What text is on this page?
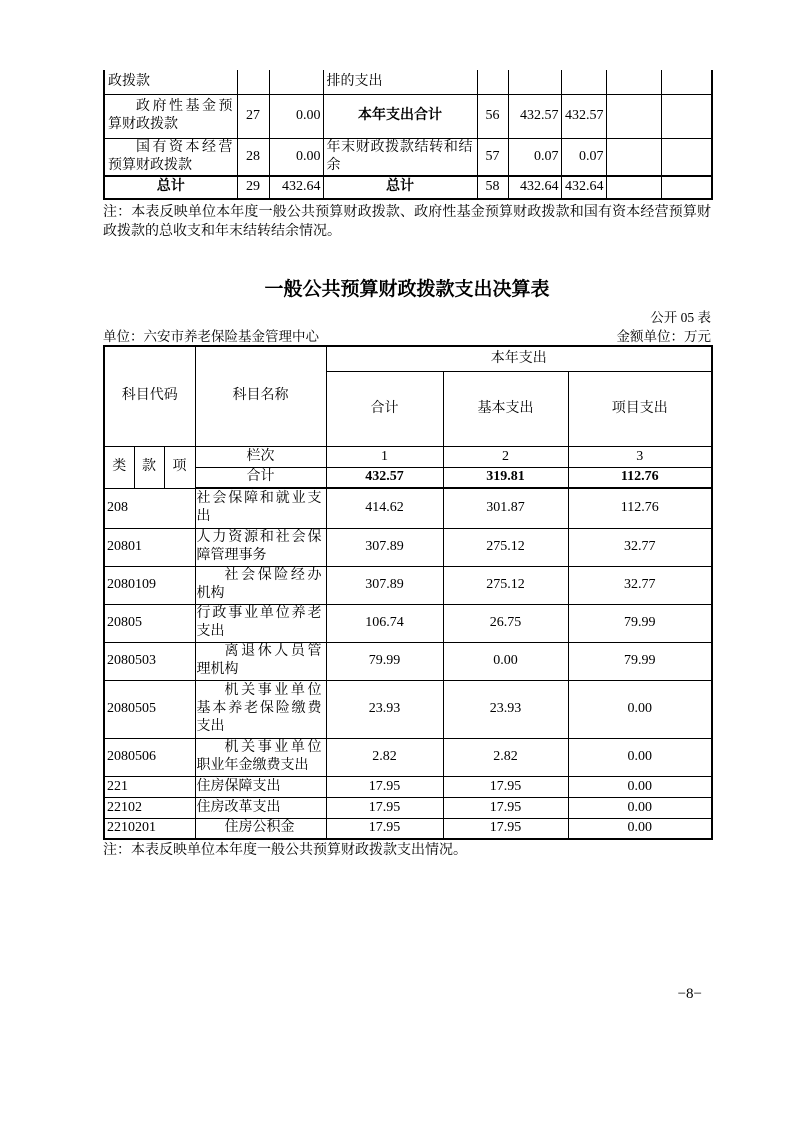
政拨款			排的支出					
政府性基金预算财政拨款	27	0.00	本年支出合计	56	432.57	432.57		
国有资本经营预算财政拨款	28	0.00	年末财政拨款结转和结余	57	0.07	0.07		
总计	29	432.64	总计	58	432.64	432.64		
注：本表反映单位本年度一般公共预算财政拨款、政府性基金预算财政拨款和国有资本经营预算财政拨款的总收支和年末结转结余情况。
一般公共预算财政拨款支出决算表
公开 05 表
单位：六安市养老保险基金管理中心	金额单位：万元
科目代码			科目名称	本年支出		
				合计	基本支出	项目支出
类	款	项	栏次	1	2	3
			合计	432.57	319.81	112.76
208			社会保障和就业支出	414.62	301.87	112.76
20801			人力资源和社会保障管理事务	307.89	275.12	32.77
2080109			社会保险经办机构	307.89	275.12	32.77
20805			行政事业单位养老支出	106.74	26.75	79.99
2080503			离退休人员管理机构	79.99	0.00	79.99
2080505			机关事业单位基本养老保险缴费支出	23.93	23.93	0.00
2080506			机关事业单位职业年金缴费支出	2.82	2.82	0.00
221			住房保障支出	17.95	17.95	0.00
22102			住房改革支出	17.95	17.95	0.00
2210201			住房公积金	17.95	17.95	0.00
注：本表反映单位本年度一般公共预算财政拨款支出情况。
−8−
